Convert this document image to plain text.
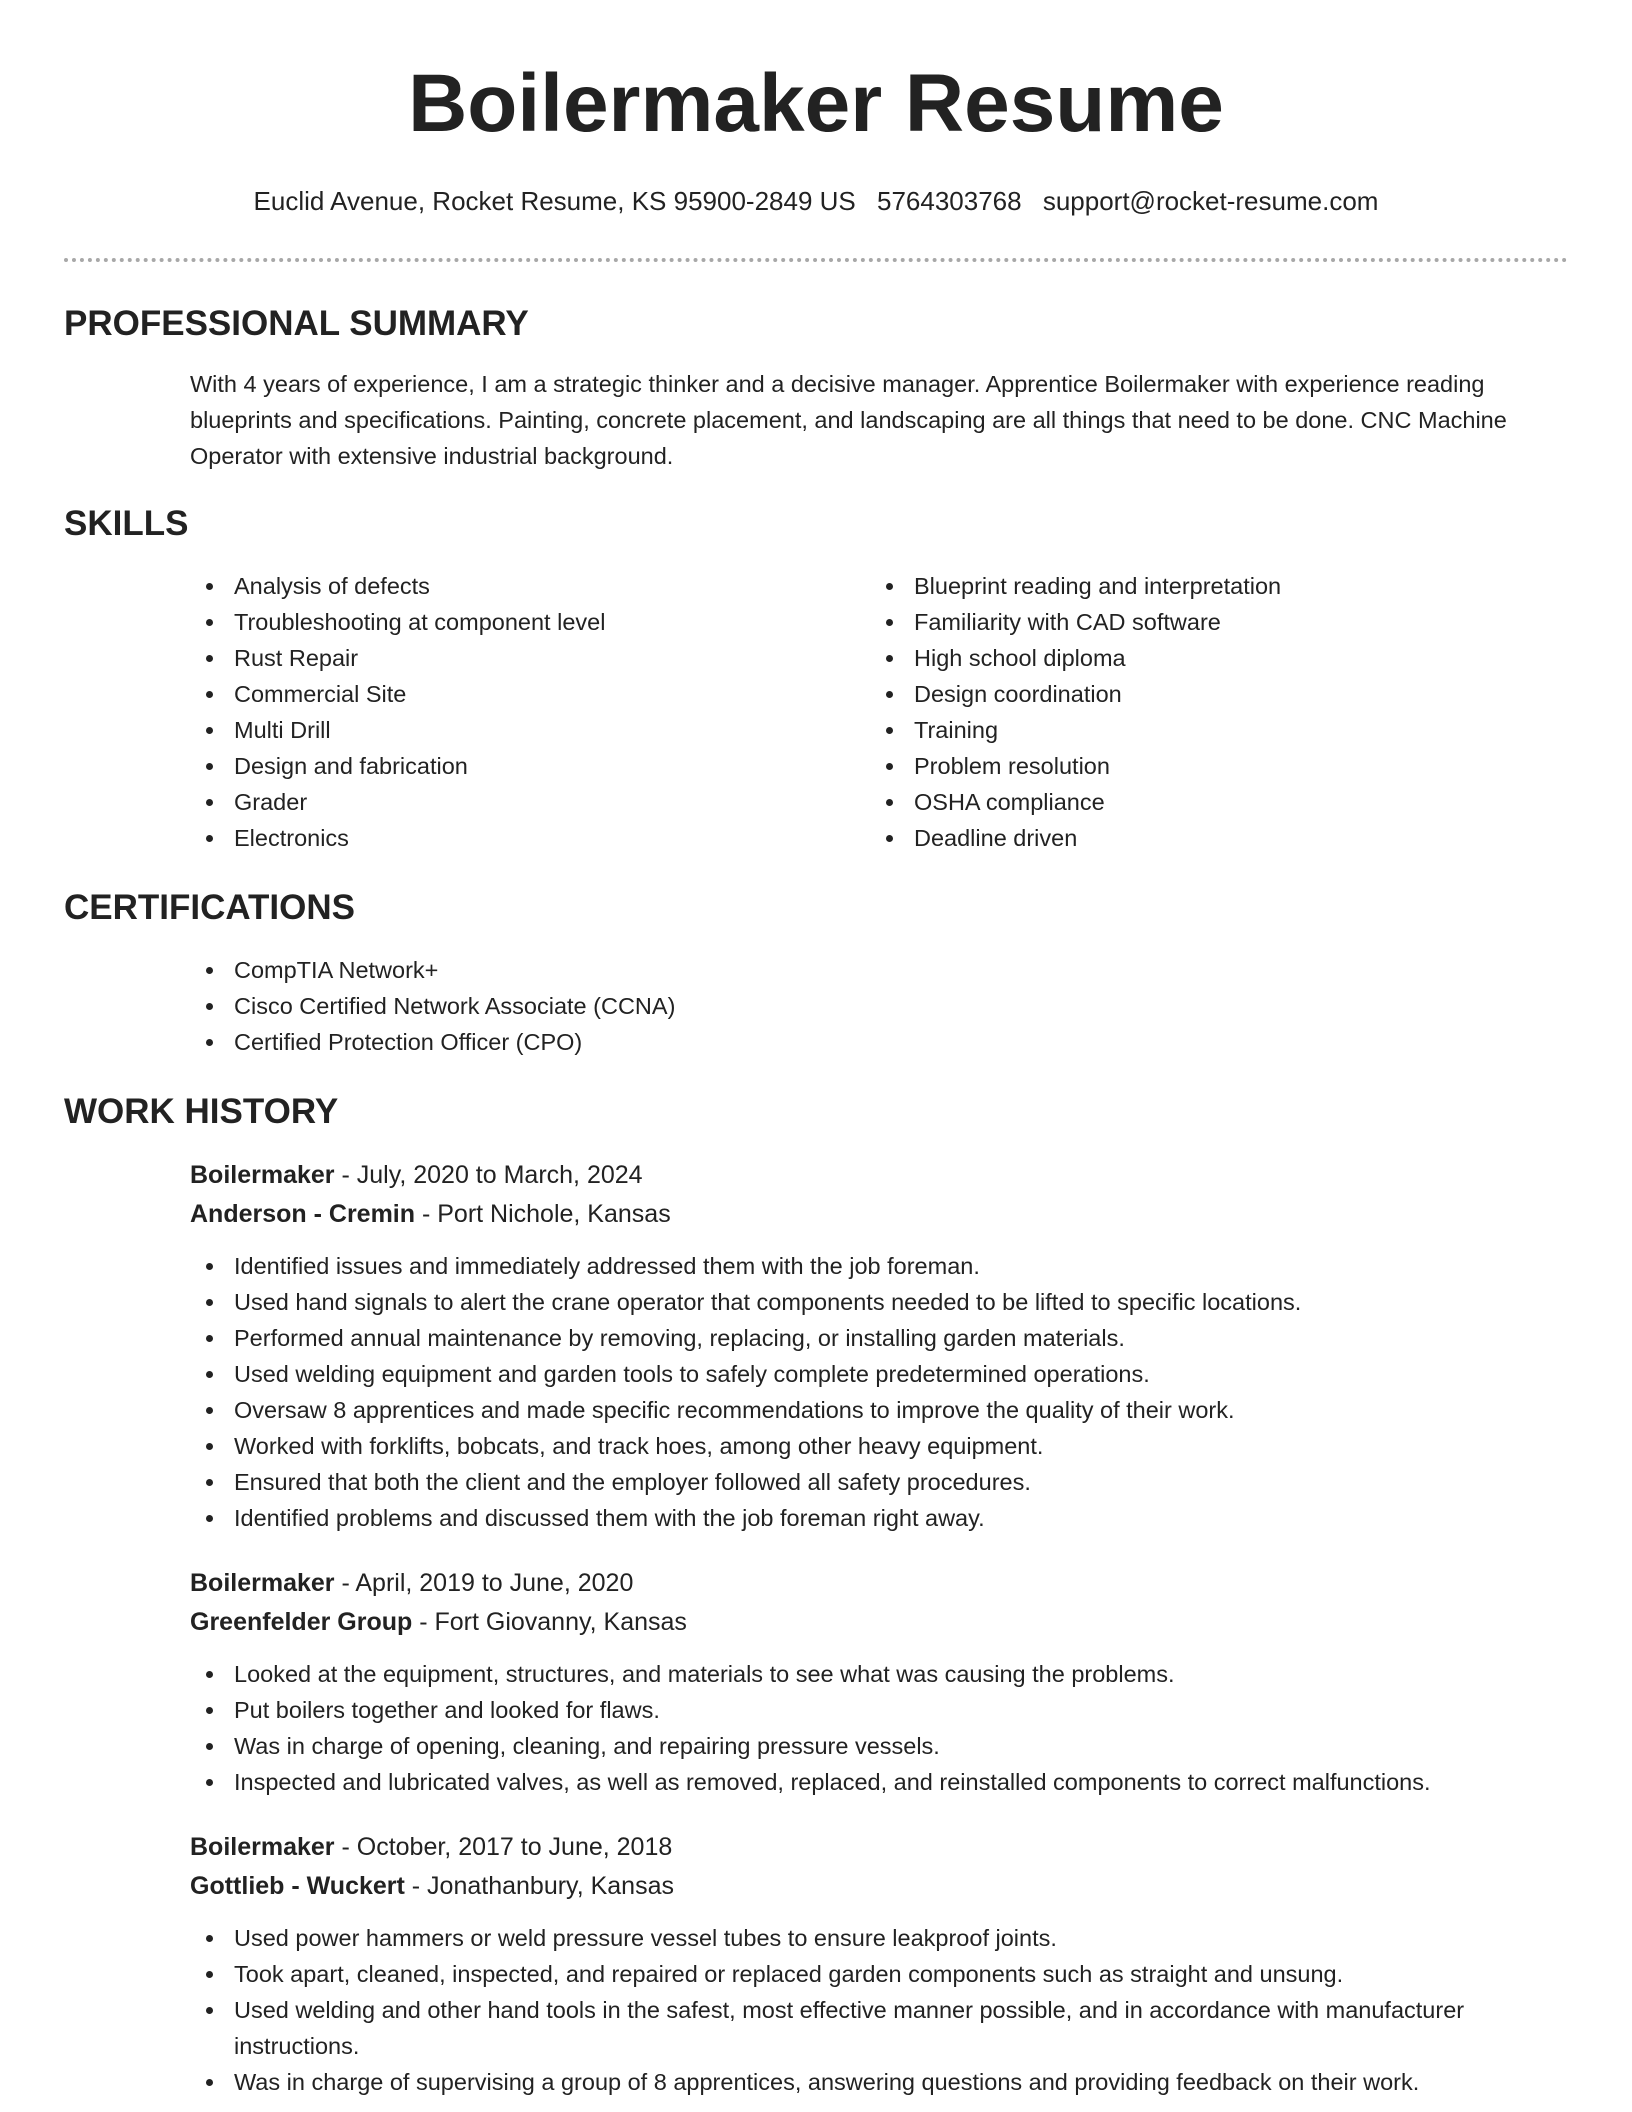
Boilermaker Resume
Euclid Avenue, Rocket Resume, KS 95900-2849 US 5764303768 support@rocket-resume.com
PROFESSIONAL SUMMARY

With 4 years of experience, I am a strategic thinker and a decisive manager. Apprentice Boilermaker with experience reading blueprints and specifications. Painting, concrete placement, and landscaping are all things that need to be done. CNC Machine Operator with extensive industrial background.

SKILLS
Analysis of defects
Troubleshooting at component level
Rust Repair
Commercial Site
Multi Drill
Design and fabrication
Grader
Electronics
Blueprint reading and interpretation
Familiarity with CAD software
High school diploma
Design coordination
Training
Problem resolution
OSHA compliance
Deadline driven
CERTIFICATIONS
CompTIA Network+
Cisco Certified Network Associate (CCNA)
Certified Protection Officer (CPO)
WORK HISTORY
Boilermaker - July, 2020 to March, 2024
Anderson - Cremin - Port Nichole, Kansas
Identified issues and immediately addressed them with the job foreman.
Used hand signals to alert the crane operator that components needed to be lifted to specific locations.
Performed annual maintenance by removing, replacing, or installing garden materials.
Used welding equipment and garden tools to safely complete predetermined operations.
Oversaw 8 apprentices and made specific recommendations to improve the quality of their work.
Worked with forklifts, bobcats, and track hoes, among other heavy equipment.
Ensured that both the client and the employer followed all safety procedures.
Identified problems and discussed them with the job foreman right away.
Boilermaker - April, 2019 to June, 2020
Greenfelder Group - Fort Giovanny, Kansas
Looked at the equipment, structures, and materials to see what was causing the problems.
Put boilers together and looked for flaws.
Was in charge of opening, cleaning, and repairing pressure vessels.
Inspected and lubricated valves, as well as removed, replaced, and reinstalled components to correct malfunctions.
Boilermaker - October, 2017 to June, 2018
Gottlieb - Wuckert - Jonathanbury, Kansas
Used power hammers or weld pressure vessel tubes to ensure leakproof joints.
Took apart, cleaned, inspected, and repaired or replaced garden components such as straight and unsung.
Used welding and other hand tools in the safest, most effective manner possible, and in accordance with manufacturer instructions.
Was in charge of supervising a group of 8 apprentices, answering questions and providing feedback on their work.
